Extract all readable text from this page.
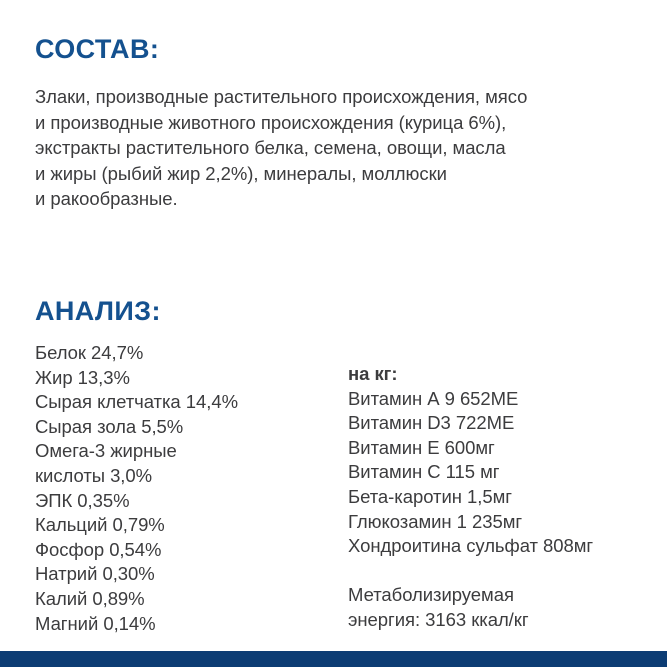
СОСТАВ:
Злаки, производные растительного происхождения, мясо
и производные животного происхождения (курица 6%),
экстракты растительного белка, семена, овощи, масла
и жиры (рыбий жир 2,2%), минералы, моллюски
и ракообразные.
АНАЛИЗ:
Белок 24,7%
Жир 13,3%
Сырая клетчатка 14,4%
Сырая зола 5,5%
Омега-3 жирные
кислоты 3,0%
ЭПК 0,35%
Кальций 0,79%
Фосфор 0,54%
Натрий 0,30%
Калий 0,89%
Магний 0,14%
на кг:
Витамин А 9 652МЕ
Витамин D3 722МЕ
Витамин Е 600мг
Витамин С 115 мг
Бета-каротин 1,5мг
Глюкозамин 1 235мг
Хондроитина сульфат 808мг
Метаболизируемая
энергия: 3163 ккал/кг
